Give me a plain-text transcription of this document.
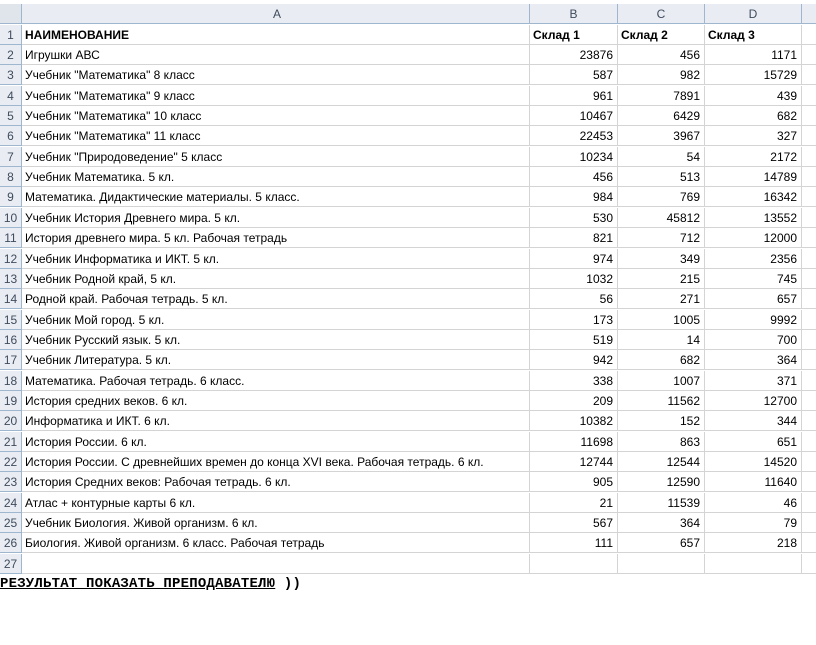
A	B	C	D
1 НАИМЕНОВАНИЕ	Склад 1	Склад 2	Склад 3
2 Игрушки АВС	23876	456	1171
3 Учебник "Математика" 8 класс	587	982	15729
4 Учебник "Математика" 9 класс	961	7891	439
5 Учебник "Математика" 10 класс	10467	6429	682
6 Учебник "Математика" 11 класс	22453	3967	327
7 Учебник "Природоведение" 5 класс	10234	54	2172
8 Учебник Математика. 5 кл.	456	513	14789
9 Математика. Дидактические материалы. 5 класс.	984	769	16342
10 Учебник История Древнего мира. 5 кл.	530	45812	13552
11 История древнего мира. 5 кл. Рабочая тетрадь	821	712	12000
12 Учебник Информатика и ИКТ. 5 кл.	974	349	2356
13 Учебник Родной край, 5 кл.	1032	215	745
14 Родной край. Рабочая тетрадь. 5 кл.	56	271	657
15 Учебник Мой город. 5 кл.	173	1005	9992
16 Учебник Русский язык. 5 кл.	519	14	700
17 Учебник Литература. 5 кл.	942	682	364
18 Математика. Рабочая тетрадь. 6 класс.	338	1007	371
19 История средних веков. 6 кл.	209	11562	12700
20 Информатика и ИКТ. 6 кл.	10382	152	344
21 История России. 6 кл.	11698	863	651
22 История России. С древнейших времен до конца XVI века. Рабочая тетрадь. 6 кл.	12744	12544	14520
23 История Средних веков: Рабочая тетрадь. 6 кл.	905	12590	11640
24 Атлас + контурные карты 6 кл.	21	11539	46
25 Учебник Биология. Живой организм. 6 кл.	567	364	79
26 Биология. Живой организм. 6 класс. Рабочая тетрадь	111	657	218
27
РЕЗУЛЬТАТ ПОКАЗАТЬ ПРЕПОДАВАТЕЛЮ ))
